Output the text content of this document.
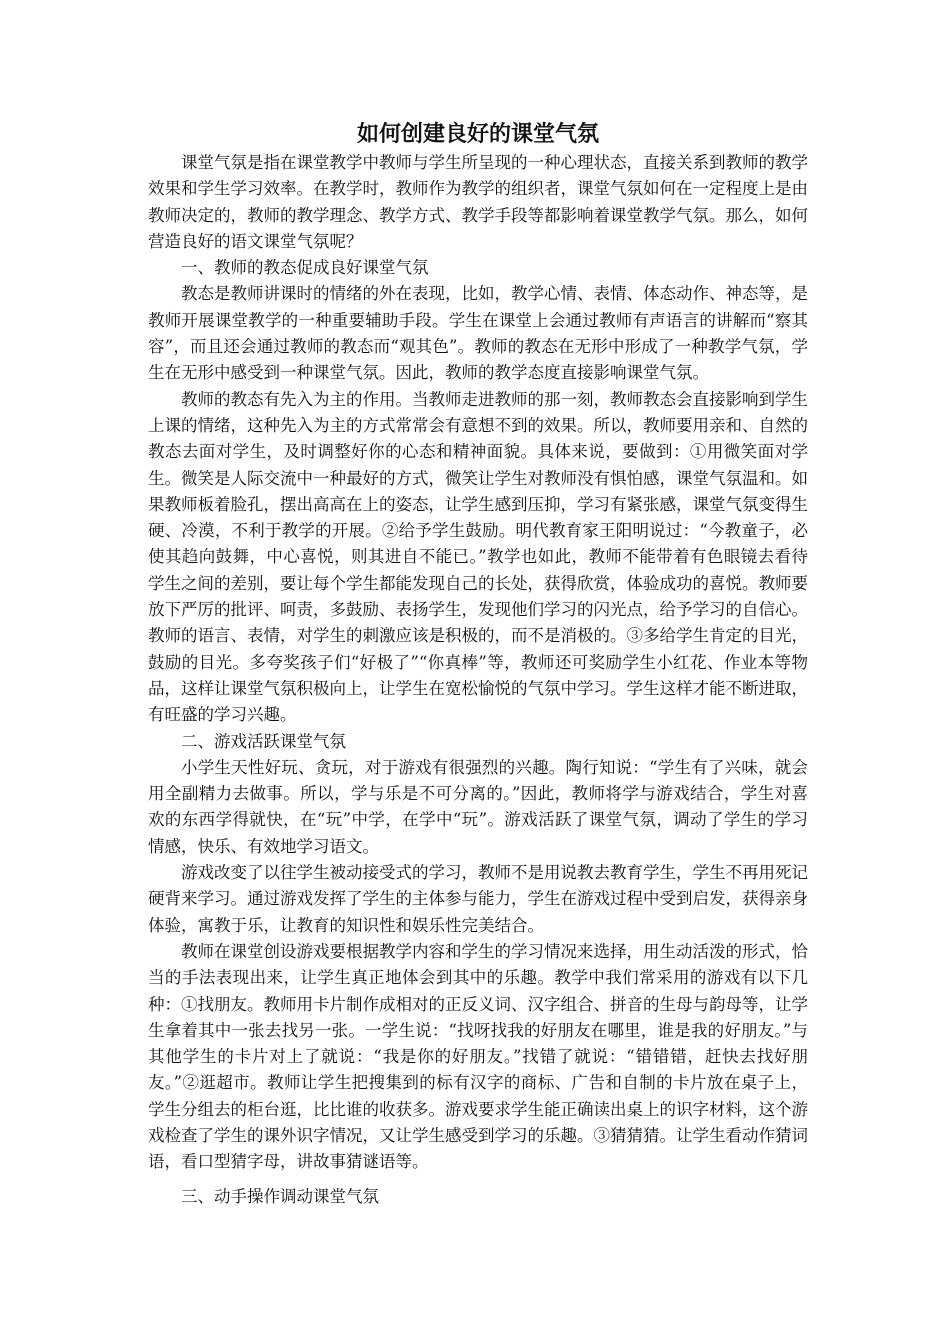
如何创建良好的课堂气氛

课堂气氛是指在课堂教学中教师与学生所呈现的一种心理状态，直接关系到教师的教学效果和学生学习效率。在教学时，教师作为教学的组织者，课堂气氛如何在一定程度上是由教师决定的，教师的教学理念、教学方式、教学手段等都影响着课堂教学气氛。那么，如何营造良好的语文课堂气氛呢？

一、教师的教态促成良好课堂气氛

教态是教师讲课时的情绪的外在表现，比如，教学心情、表情、体态动作、神态等，是教师开展课堂教学的一种重要辅助手段。学生在课堂上会通过教师有声语言的讲解而“察其容”，而且还会通过教师的教态而“观其色”。教师的教态在无形中形成了一种教学气氛，学生在无形中感受到一种课堂气氛。因此，教师的教学态度直接影响课堂气氛。

教师的教态有先入为主的作用。当教师走进教师的那一刻，教师教态会直接影响到学生上课的情绪，这种先入为主的方式常常会有意想不到的效果。所以，教师要用亲和、自然的教态去面对学生，及时调整好你的心态和精神面貌。具体来说，要做到：①用微笑面对学生。微笑是人际交流中一种最好的方式，微笑让学生对教师没有惧怕感，课堂气氛温和。如果教师板着脸孔，摆出高高在上的姿态，让学生感到压抑，学习有紧张感，课堂气氛变得生硬、冷漠，不利于教学的开展。②给予学生鼓励。明代教育家王阳明说过：“今教童子，必使其趋向鼓舞，中心喜悦，则其进自不能已。”教学也如此，教师不能带着有色眼镜去看待学生之间的差别，要让每个学生都能发现自己的长处，获得欣赏，体验成功的喜悦。教师要放下严厉的批评、呵责，多鼓励、表扬学生，发现他们学习的闪光点，给予学习的自信心。教师的语言、表情，对学生的刺激应该是积极的，而不是消极的。③多给学生肯定的目光，鼓励的目光。多夸奖孩子们“好极了”“你真棒”等，教师还可奖励学生小红花、作业本等物品，这样让课堂气氛积极向上，让学生在宽松愉悦的气氛中学习。学生这样才能不断进取，有旺盛的学习兴趣。

二、游戏活跃课堂气氛

小学生天性好玩、贪玩，对于游戏有很强烈的兴趣。陶行知说：“学生有了兴味，就会用全副精力去做事。所以，学与乐是不可分离的。”因此，教师将学与游戏结合，学生对喜欢的东西学得就快，在“玩”中学，在学中“玩”。游戏活跃了课堂气氛，调动了学生的学习情感，快乐、有效地学习语文。

游戏改变了以往学生被动接受式的学习，教师不是用说教去教育学生，学生不再用死记硬背来学习。通过游戏发挥了学生的主体参与能力，学生在游戏过程中受到启发，获得亲身体验，寓教于乐，让教育的知识性和娱乐性完美结合。

教师在课堂创设游戏要根据教学内容和学生的学习情况来选择，用生动活泼的形式，恰当的手法表现出来，让学生真正地体会到其中的乐趣。教学中我们常采用的游戏有以下几种：①找朋友。教师用卡片制作成相对的正反义词、汉字组合、拼音的生母与韵母等，让学生拿着其中一张去找另一张。一学生说：“找呀找我的好朋友在哪里，谁是我的好朋友。”与其他学生的卡片对上了就说：“我是你的好朋友。”找错了就说：“错错错，赶快去找好朋友。”②逛超市。教师让学生把搜集到的标有汉字的商标、广告和自制的卡片放在桌子上，学生分组去的柜台逛，比比谁的收获多。游戏要求学生能正确读出桌上的识字材料，这个游戏检查了学生的课外识字情况，又让学生感受到学习的乐趣。③猜猜猜。让学生看动作猜词语，看口型猜字母，讲故事猜谜语等。

三、动手操作调动课堂气氛
